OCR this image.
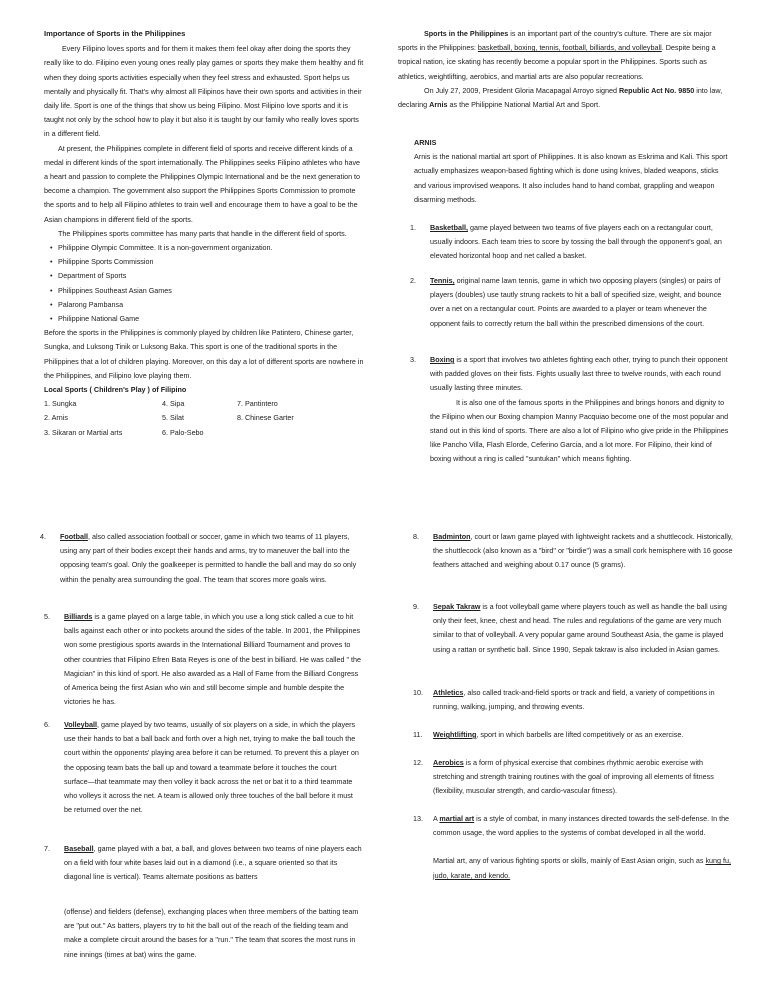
Importance of Sports in the Philippines

Every Filipino loves sports and for them it makes them feel okay after doing the sports they really like to do. Filipino even young ones really play games or sports they make them healthy and fit when they doing sports activities especially when they feel stress and exhausted. Sport helps us mentally and physically fit. That's why almost all Filipinos have their own sports and activities in their daily life. Sport is one of the things that show us being Filipino. Most Filipino love sports and it is taught not only by the school how to play it but also it is taught by our family who really loves sports in a different field.

At present, the Philippines complete in different field of sports and receive different kinds of a medal in different kinds of the sport internationally. The Philippines seeks Filipino athletes who have a heart and passion to complete the Philippines Olympic International and be the next generation to become a champion. The government also support the Philippines Sports Commission to promote the sports and to help all Filipino athletes to train well and encourage them to have a goal to be the Asian champions in different field of the sports.

The Philippines sports committee has many parts that handle in the different field of sports.

• Philippine Olympic Committee. It is a non-government organization.
• Philippine Sports Commission
• Department of Sports
• Philippines Southeast Asian Games
• Palarong Pambansa
• Philippine National Game

Before the sports in the Philippines is commonly played by children like Patintero, Chinese garter, Sungka, and Luksong Tinik or Luksong Baka. This sport is one of the traditional sports in the Philippines that a lot of children playing. Moreover, on this day a lot of different sports are nowhere in the Philippines, and Filipino love playing them.

Local Sports ( Children's Play ) of Filipino

1. Sungka	4. Sipa	7. Pantintero
2. Arnis	5. Silat	8. Chinese Garter
3. Sikaran or Martial arts	6. Palo-Sebo

Sports in the Philippines is an important part of the country's culture. There are six major sports in the Philippines: basketball, boxing, tennis, football, billiards, and volleyball. Despite being a tropical nation, ice skating has recently become a popular sport in the Philippines. Sports such as athletics, weightlifting, aerobics, and martial arts are also popular recreations.

On July 27, 2009, President Gloria Macapagal Arroyo signed Republic Act No. 9850 into law, declaring Arnis as the Philippine National Martial Art and Sport.

ARNIS

Arnis is the national martial art sport of Philippines. It is also known as Eskrima and Kali. This sport actually emphasizes weapon-based fighting which is done using knives, bladed weapons, sticks and various improvised weapons. It also includes hand to hand combat, grappling and weapon disarming methods.

1. Basketball, game played between two teams of five players each on a rectangular court, usually indoors. Each team tries to score by tossing the ball through the opponent's goal, an elevated horizontal hoop and net called a basket.

2. Tennis, original name lawn tennis, game in which two opposing players (singles) or pairs of players (doubles) use tautly strung rackets to hit a ball of specified size, weight, and bounce over a net on a rectangular court. Points are awarded to a player or team whenever the opponent fails to correctly return the ball within the prescribed dimensions of the court.

3. Boxing is a sport that involves two athletes fighting each other, trying to punch their opponent with padded gloves on their fists. Fights usually last three to twelve rounds, with each round usually lasting three minutes.

It is also one of the famous sports in the Philippines and brings honors and dignity to the Filipino when our Boxing champion Manny Pacquiao become one of the most popular and stand out in this kind of sports. There are also a lot of Filipino who give pride in the Philippines like Pancho Villa, Flash Elorde, Ceferino Garcia, and a lot more. For Filipino, their kind of boxing without a ring is called "suntukan" which means fighting.

4. Football, also called association football or soccer, game in which two teams of 11 players, using any part of their bodies except their hands and arms, try to maneuver the ball into the opposing team's goal. Only the goalkeeper is permitted to handle the ball and may do so only within the penalty area surrounding the goal. The team that scores more goals wins.

5. Billiards is a game played on a large table, in which you use a long stick called a cue to hit balls against each other or into pockets around the sides of the table. In 2001, the Philippines won some prestigious sports awards in the International Billiard Tournament and proves to other countries that Filipino Efren Bata Reyes is one of the best in billiard. He was called " the Magician" in this kind of sport. He also awarded as a Hall of Fame from the Billiard Congress of America being the first Asian who win and still become simple and humble despite the victories he has.

6. Volleyball, game played by two teams, usually of six players on a side, in which the players use their hands to bat a ball back and forth over a high net, trying to make the ball touch the court within the opponents' playing area before it can be returned. To prevent this a player on the opposing team bats the ball up and toward a teammate before it touches the court surface—that teammate may then volley it back across the net or bat it to a third teammate who volleys it across the net. A team is allowed only three touches of the ball before it must be returned over the net.

7. Baseball, game played with a bat, a ball, and gloves between two teams of nine players each on a field with four white bases laid out in a diamond (i.e., a square oriented so that its diagonal line is vertical). Teams alternate positions as batters

(offense) and fielders (defense), exchanging places when three members of the batting team are "put out." As batters, players try to hit the ball out of the reach of the fielding team and make a complete circuit around the bases for a "run." The team that scores the most runs in nine innings (times at bat) wins the game.

8. Badminton, court or lawn game played with lightweight rackets and a shuttlecock. Historically, the shuttlecock (also known as a "bird" or "birdie") was a small cork hemisphere with 16 goose feathers attached and weighing about 0.17 ounce (5 grams).

9. Sepak Takraw is a foot volleyball game where players touch as well as handle the ball using only their feet, knee, chest and head. The rules and regulations of the game are very much similar to that of volleyball. A very popular game around Southeast Asia, the game is played using a rattan or synthetic ball. Since 1990, Sepak takraw is also included in Asian games.

10. Athletics, also called track-and-field sports or track and field, a variety of competitions in running, walking, jumping, and throwing events.

11. Weightlifting, sport in which barbells are lifted competitively or as an exercise.

12. Aerobics is a form of physical exercise that combines rhythmic aerobic exercise with stretching and strength training routines with the goal of improving all elements of fitness (flexibility, muscular strength, and cardio-vascular fitness).

13. A martial art is a style of combat, in many instances directed towards the self-defense. In the common usage, the word applies to the systems of combat developed in all the world.

Martial art, any of various fighting sports or skills, mainly of East Asian origin, such as kung fu, judo, karate, and kendo.
